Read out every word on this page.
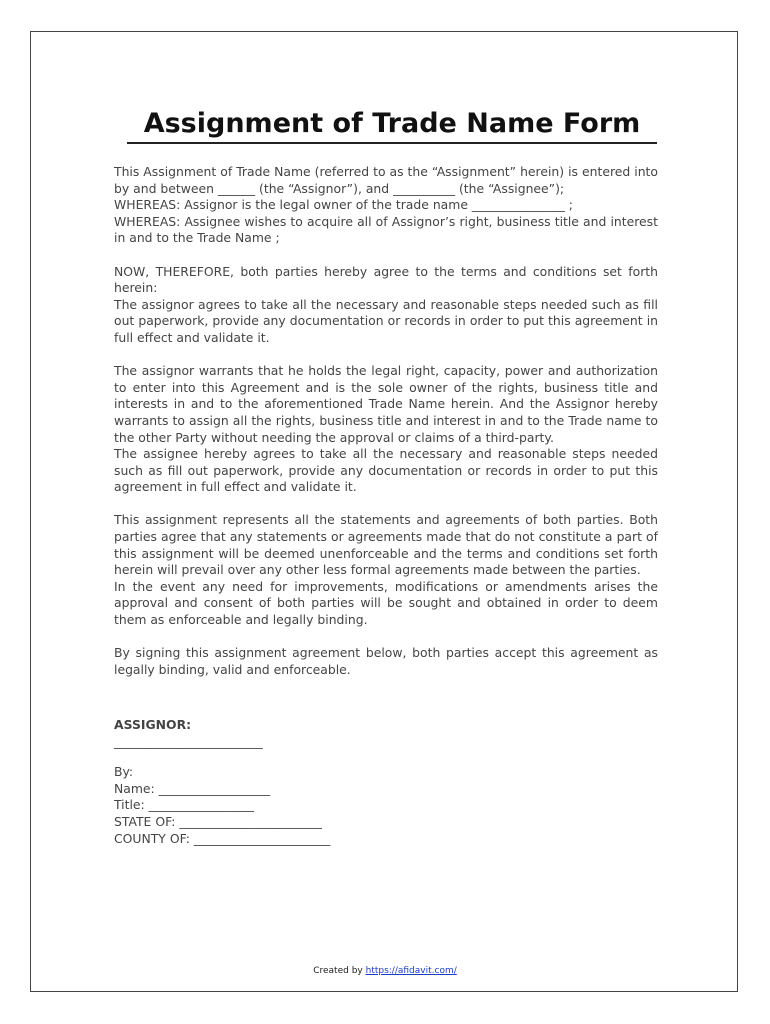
Assignment of Trade Name Form

This Assignment of Trade Name (referred to as the “Assignment” herein) is entered into by and between ______ (the “Assignor”), and __________ (the “Assignee”);

WHEREAS: Assignor is the legal owner of the trade name _______________ ;

WHEREAS: Assignee wishes to acquire all of Assignor’s right, business title and interest in and to the Trade Name ;

NOW, THEREFORE, both parties hereby agree to the terms and conditions set forth herein:

The assignor agrees to take all the necessary and reasonable steps needed such as fill out paperwork, provide any documentation or records in order to put this agreement in full effect and validate it.

The assignor warrants that he holds the legal right, capacity, power and authorization to enter into this Agreement and is the sole owner of the rights, business title and interests in and to the aforementioned Trade Name herein. And the Assignor hereby warrants to assign all the rights, business title and interest in and to the Trade name to the other Party without needing the approval or claims of a third-party.

The assignee hereby agrees to take all the necessary and reasonable steps needed such as fill out paperwork, provide any documentation or records in order to put this agreement in full effect and validate it.

This assignment represents all the statements and agreements of both parties. Both parties agree that any statements or agreements made that do not constitute a part of this assignment will be deemed unenforceable and the terms and conditions set forth herein will prevail over any other less formal agreements made between the parties.

In the event any need for improvements, modifications or amendments arises the approval and consent of both parties will be sought and obtained in order to deem them as enforceable and legally binding.

By signing this assignment agreement below, both parties accept this agreement as legally binding, valid and enforceable.

ASSIGNOR:

________________________

By:

Name: __________________

Title: _________________

STATE OF: _______________________

COUNTY OF: ______________________

Created by https://afidavit.com/
